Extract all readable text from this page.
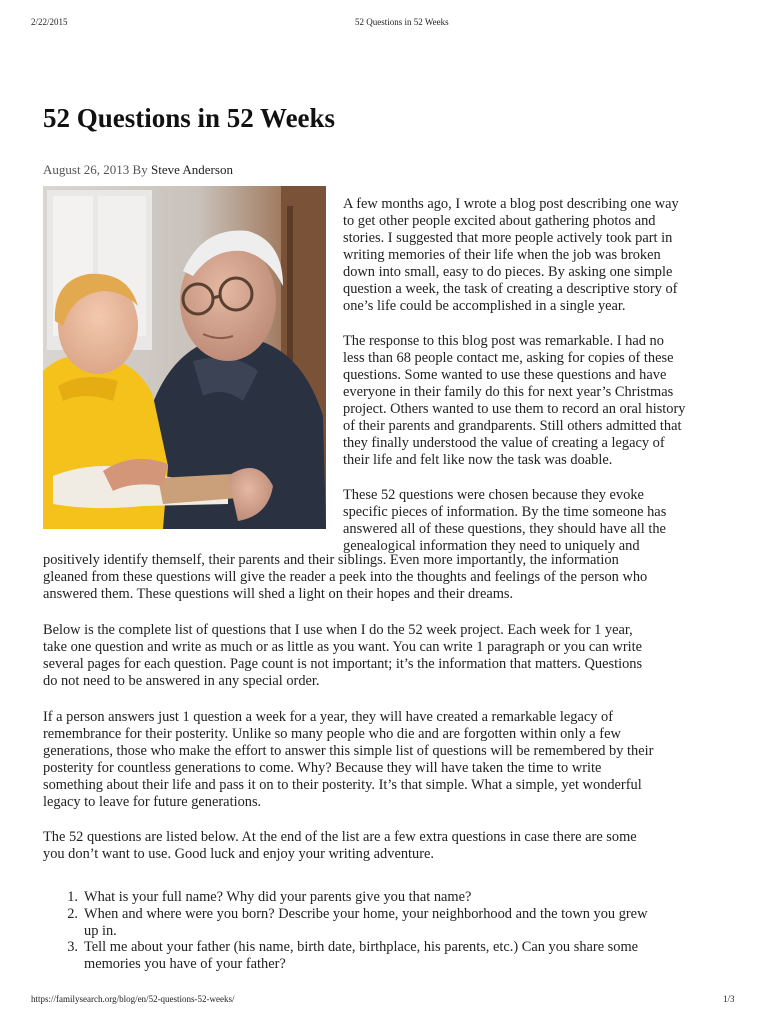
2/22/2015	52 Questions in 52 Weeks
52 Questions in 52 Weeks
August 26, 2013 By Steve Anderson
A few months ago, I wrote a blog post describing one way
to get other people excited about gathering photos and
stories. I suggested that more people actively took part in
writing memories of their life when the job was broken
down into small, easy to do pieces. By asking one simple
question a week, the task of creating a descriptive story of
one’s life could be accomplished in a single year.
The response to this blog post was remarkable. I had no
less than 68 people contact me, asking for copies of these
questions. Some wanted to use these questions and have
everyone in their family do this for next year’s Christmas
project. Others wanted to use them to record an oral history
of their parents and grandparents. Still others admitted that
they finally understood the value of creating a legacy of
their life and felt like now the task was doable.
These 52 questions were chosen because they evoke
specific pieces of information. By the time someone has
answered all of these questions, they should have all the
genealogical information they need to uniquely and
positively identify themself, their parents and their siblings. Even more importantly, the information
gleaned from these questions will give the reader a peek into the thoughts and feelings of the person who
answered them. These questions will shed a light on their hopes and their dreams.
Below is the complete list of questions that I use when I do the 52 week project. Each week for 1 year,
take one question and write as much or as little as you want. You can write 1 paragraph or you can write
several pages for each question. Page count is not important; it’s the information that matters. Questions
do not need to be answered in any special order.
If a person answers just 1 question a week for a year, they will have created a remarkable legacy of
remembrance for their posterity. Unlike so many people who die and are forgotten within only a few
generations, those who make the effort to answer this simple list of questions will be remembered by their
posterity for countless generations to come. Why? Because they will have taken the time to write
something about their life and pass it on to their posterity. It’s that simple. What a simple, yet wonderful
legacy to leave for future generations.
The 52 questions are listed below. At the end of the list are a few extra questions in case there are some
you don’t want to use. Good luck and enjoy your writing adventure.
1. What is your full name? Why did your parents give you that name?
2. When and where were you born? Describe your home, your neighborhood and the town you grew
up in.
3. Tell me about your father (his name, birth date, birthplace, his parents, etc.) Can you share some
memories you have of your father?
https://familysearch.org/blog/en/52-questions-52-weeks/	1/3
